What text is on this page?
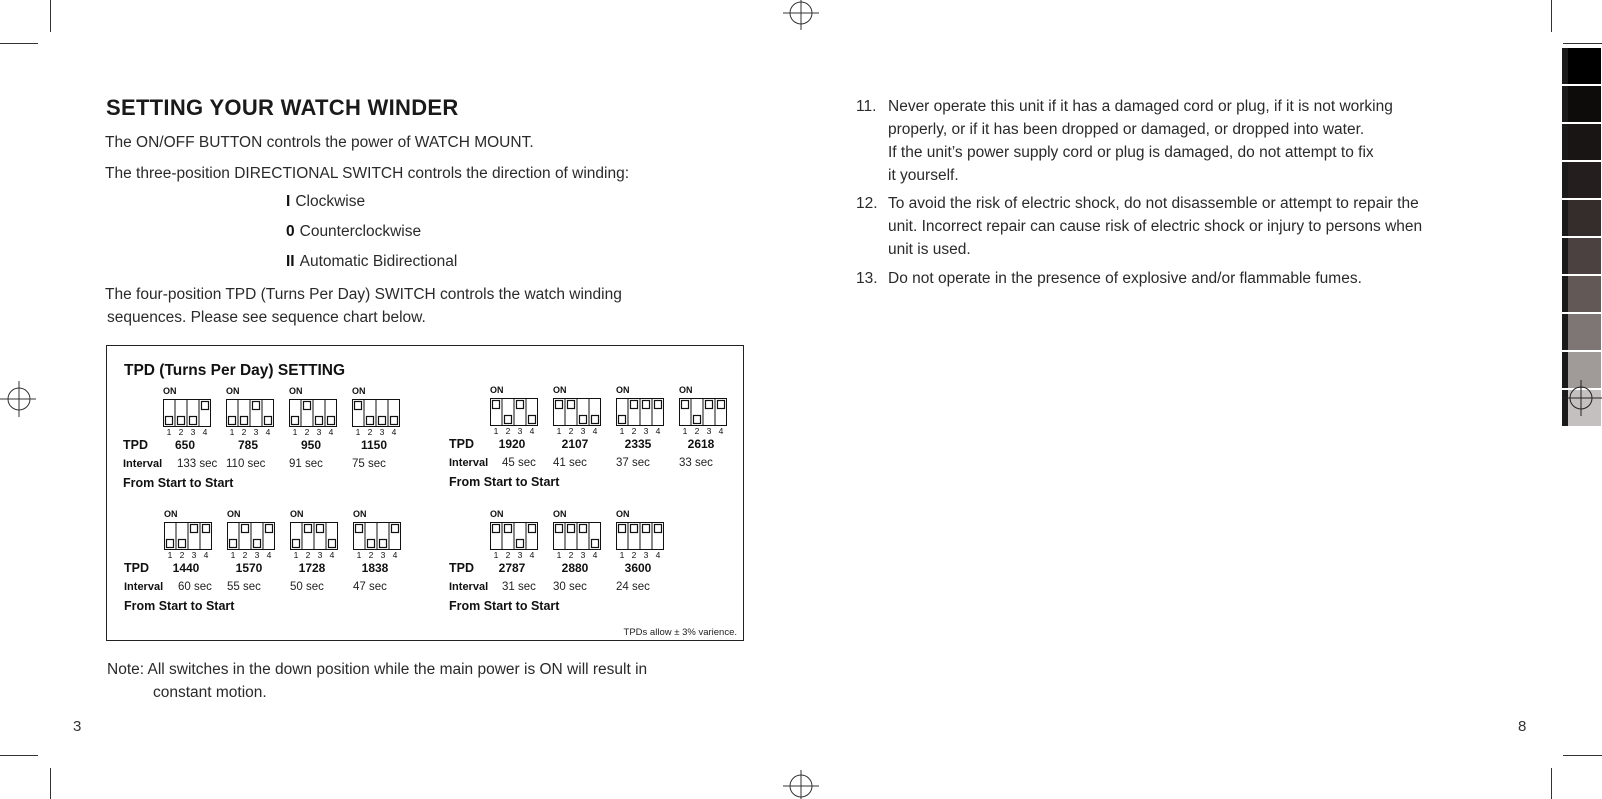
SETTING YOUR WATCH WINDER
The ON/OFF BUTTON controls the power of WATCH MOUNT.
The three-position DIRECTIONAL SWITCH controls the direction of winding:
I Clockwise
0 Counterclockwise
II Automatic Bidirectional
The four-position TPD (Turns Per Day) SWITCH controls the watch winding
sequences. Please see sequence chart below.
TPD (Turns Per Day) SETTING
TPDs allow ± 3% varience.
ON
1 2 3 4
650
133 sec
ON
1 2 3 4
785
110 sec
ON
1 2 3 4
950
91 sec
ON
1 2 3 4
1150
75 sec
TPD
Interval
From Start to Start
ON
1 2 3 4
1920
45 sec
ON
1 2 3 4
2107
41 sec
ON
1 2 3 4
2335
37 sec
ON
1 2 3 4
2618
33 sec
TPD
Interval
From Start to Start
ON
1 2 3 4
1440
60 sec
ON
1 2 3 4
1570
55 sec
ON
1 2 3 4
1728
50 sec
ON
1 2 3 4
1838
47 sec
TPD
Interval
From Start to Start
ON
1 2 3 4
2787
31 sec
ON
1 2 3 4
2880
30 sec
ON
1 2 3 4
3600
24 sec
TPD
Interval
From Start to Start
Note: All switches in the down position while the main power is ON will result in
constant motion.
3
11. Never operate this unit if it has a damaged cord or plug, if it is not working
properly, or if it has been dropped or damaged, or dropped into water.
If the unit’s power supply cord or plug is damaged, do not attempt to fix
it yourself.
12. To avoid the risk of electric shock, do not disassemble or attempt to repair the
unit. Incorrect repair can cause risk of electric shock or injury to persons when
unit is used.
13. Do not operate in the presence of explosive and/or flammable fumes.
8
